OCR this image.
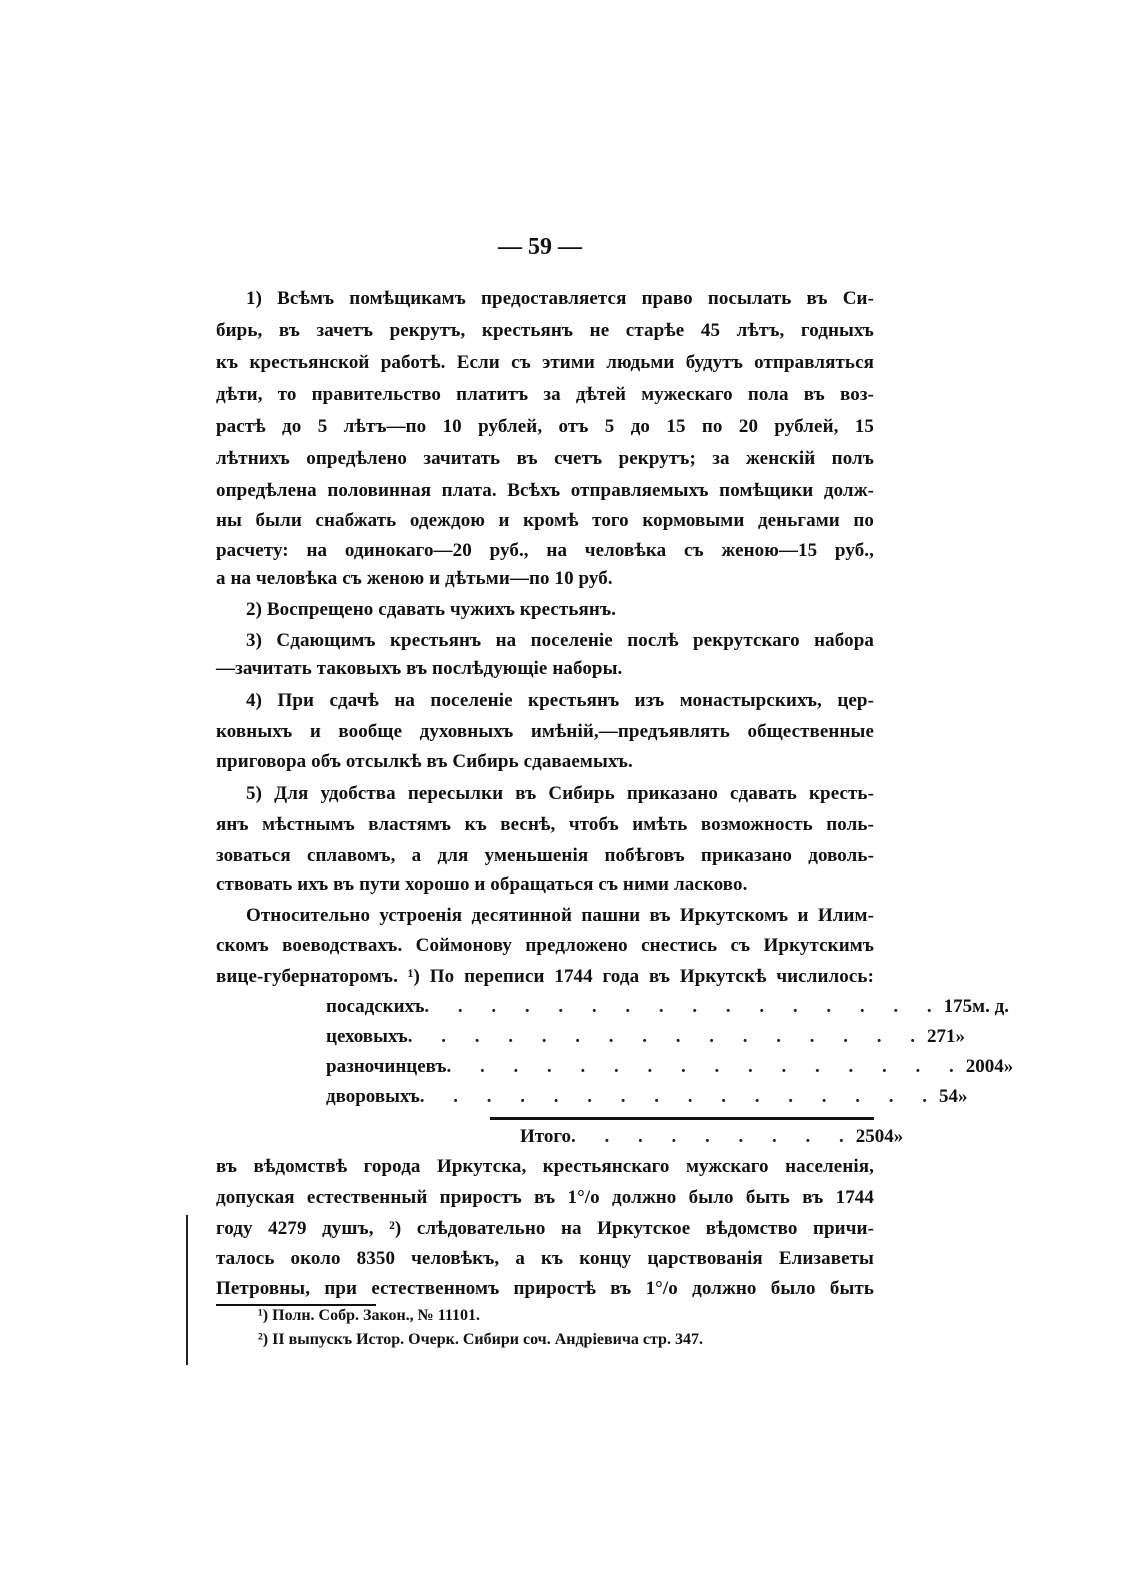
— 59 —
1) Всѣмъ помѣщикамъ предоставляется право посылать въ Си-
бирь, въ зачетъ рекрутъ, крестьянъ не старѣе 45 лѣтъ, годныхъ
къ крестьянской работѣ. Если съ этими людьми будутъ отправляться
дѣти, то правительство платитъ за дѣтей мужескаго пола въ воз-
растѣ до 5 лѣтъ—по 10 рублей, отъ 5 до 15 по 20 рублей, 15
лѣтнихъ опредѣлено зачитать въ счетъ рекрутъ; за женскій полъ
опредѣлена половинная плата. Всѣхъ отправляемыхъ помѣщики долж-
ны были снабжать одеждою и кромѣ того кормовыми деньгами по
расчету: на одинокаго—20 руб., на человѣка съ женою—15 руб.,
а на человѣка съ женою и дѣтьми—по 10 руб.
2) Воспрещено сдавать чужихъ крестьянъ.
3) Сдающимъ крестьянъ на поселеніе послѣ рекрутскаго набора
—зачитать таковыхъ въ послѣдующіе наборы.
4) При сдачѣ на поселеніе крестьянъ изъ монастырскихъ, цер-
ковныхъ и вообще духовныхъ имѣній,—предъявлять общественные
приговора объ отсылкѣ въ Сибирь сдаваемыхъ.
5) Для удобства пересылки въ Сибирь приказано сдавать кресть-
янъ мѣстнымъ властямъ къ веснѣ, чтобъ имѣть возможность поль-
зоваться сплавомъ, а для уменьшенія побѣговъ приказано доволь-
ствовать ихъ въ пути хорошо и обращаться съ ними ласково.
Относительно устроенія десятинной пашни въ Иркутскомъ и Илим-
скомъ воеводствахъ. Соймонову предложено снестись съ Иркутскимъ
вице-губернаторомъ. ¹) По переписи 1744 года въ Иркутскѣ числилось:
посадскихъ . . . . . . . . . . . . . . . . 175 м. д.
цеховыхъ . . . . . . . . . . . . . . . . 271 »
разночинцевъ . . . . . . . . . . . . . . . . 2004 »
дворовыхъ . . . . . . . . . . . . . . . . 54 »
Итого . . . . . . . . . 2504 »
въ вѣдомствѣ города Иркутска, крестьянскаго мужскаго населенія,
допуская естественный приростъ въ 1°/о должно было быть въ 1744
году 4279 душъ, ²) слѣдовательно на Иркутское вѣдомство причи-
талось около 8350 человѣкъ, а къ концу царствованія Елизаветы
Петровны, при естественномъ приростѣ въ 1°/о должно было быть
¹) Полн. Собр. Закон., № 11101.
²) II выпускъ Истор. Очерк. Сибири соч. Андріевича стр. 347.
